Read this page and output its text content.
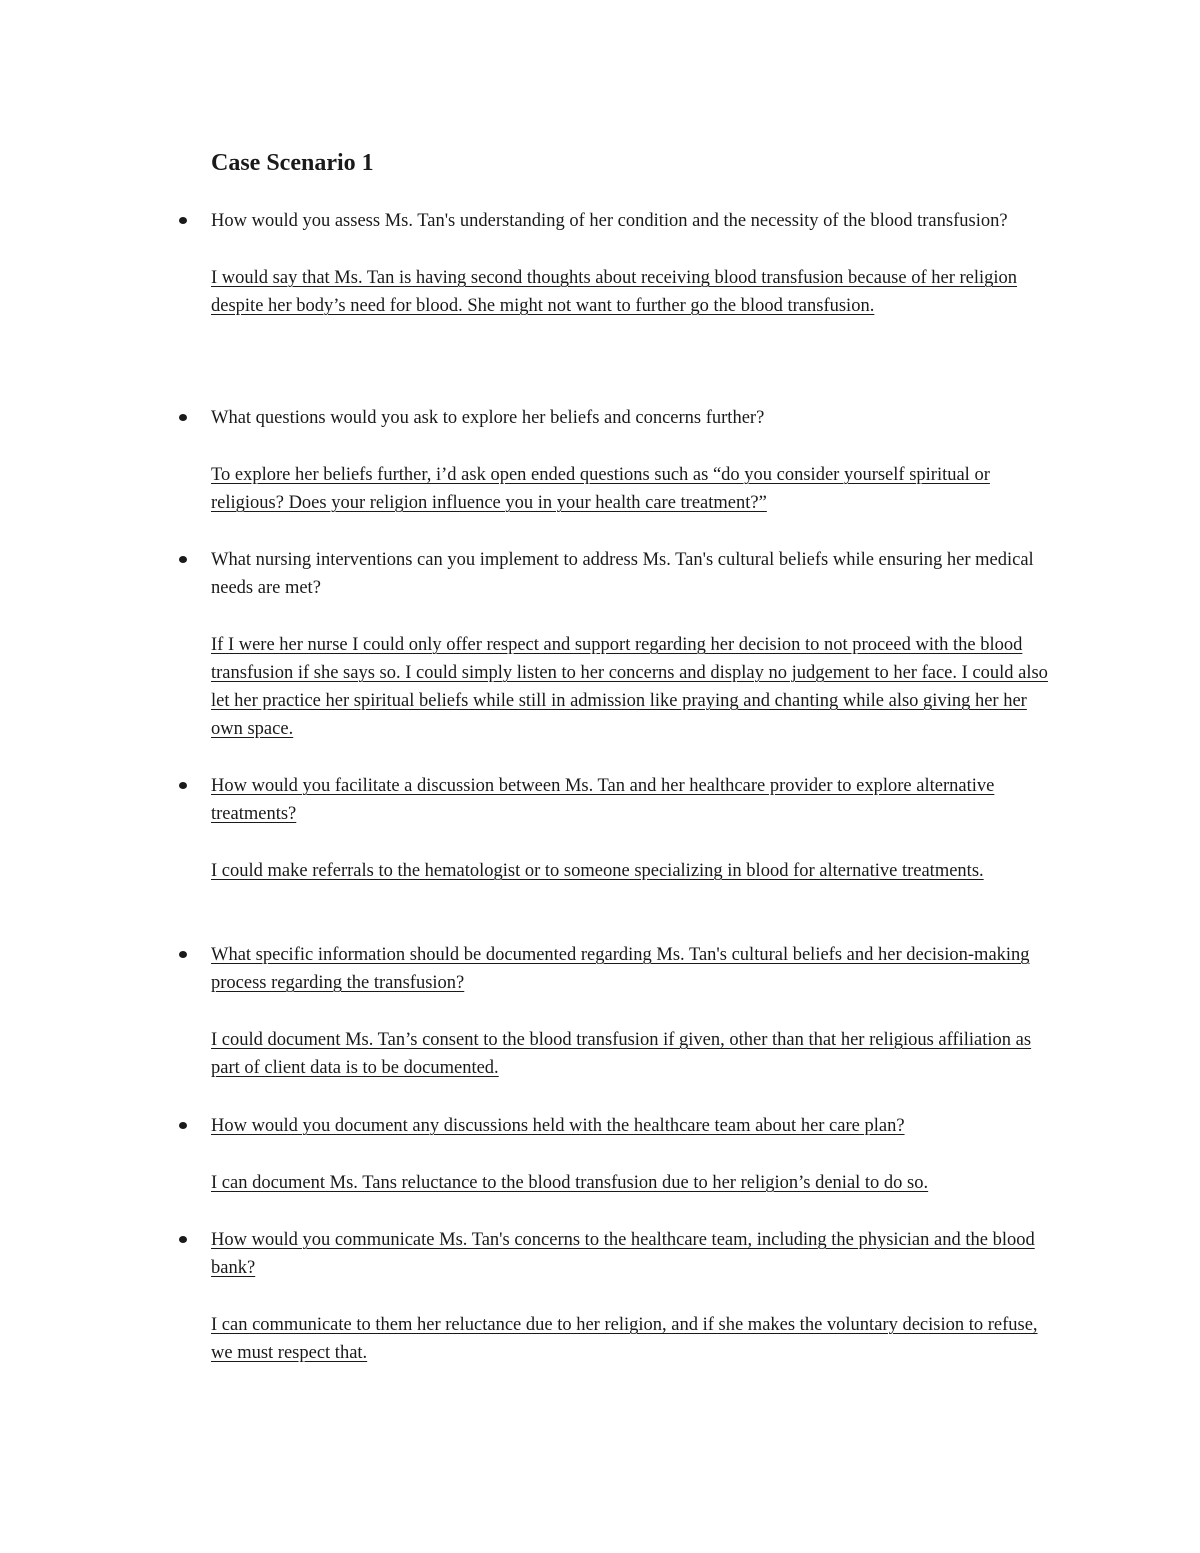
Case Scenario 1

How would you assess Ms. Tan's understanding of her condition and the necessity of the blood transfusion?

I would say that Ms. Tan is having second thoughts about receiving blood transfusion because of her religion despite her body’s need for blood. She might not want to further go the blood transfusion.

What questions would you ask to explore her beliefs and concerns further?

To explore her beliefs further, i’d ask open ended questions such as “do you consider yourself spiritual or religious? Does your religion influence you in your health care treatment?”

What nursing interventions can you implement to address Ms. Tan's cultural beliefs while ensuring her medical needs are met?

If I were her nurse I could only offer respect and support regarding her decision to not proceed with the blood transfusion if she says so. I could simply listen to her concerns and display no judgement to her face. I could also let her practice her spiritual beliefs while still in admission like praying and chanting while also giving her her own space.

How would you facilitate a discussion between Ms. Tan and her healthcare provider to explore alternative treatments?

I could make referrals to the hematologist or to someone specializing in blood for alternative treatments.

What specific information should be documented regarding Ms. Tan's cultural beliefs and her decision-making process regarding the transfusion?

I could document Ms. Tan’s consent to the blood transfusion if given, other than that her religious affiliation as part of client data is to be documented.

How would you document any discussions held with the healthcare team about her care plan?

I can document Ms. Tans reluctance to the blood transfusion due to her religion’s denial to do so.

How would you communicate Ms. Tan's concerns to the healthcare team, including the physician and the blood bank?

I can communicate to them her reluctance due to her religion, and if she makes the voluntary decision to refuse, we must respect that.
